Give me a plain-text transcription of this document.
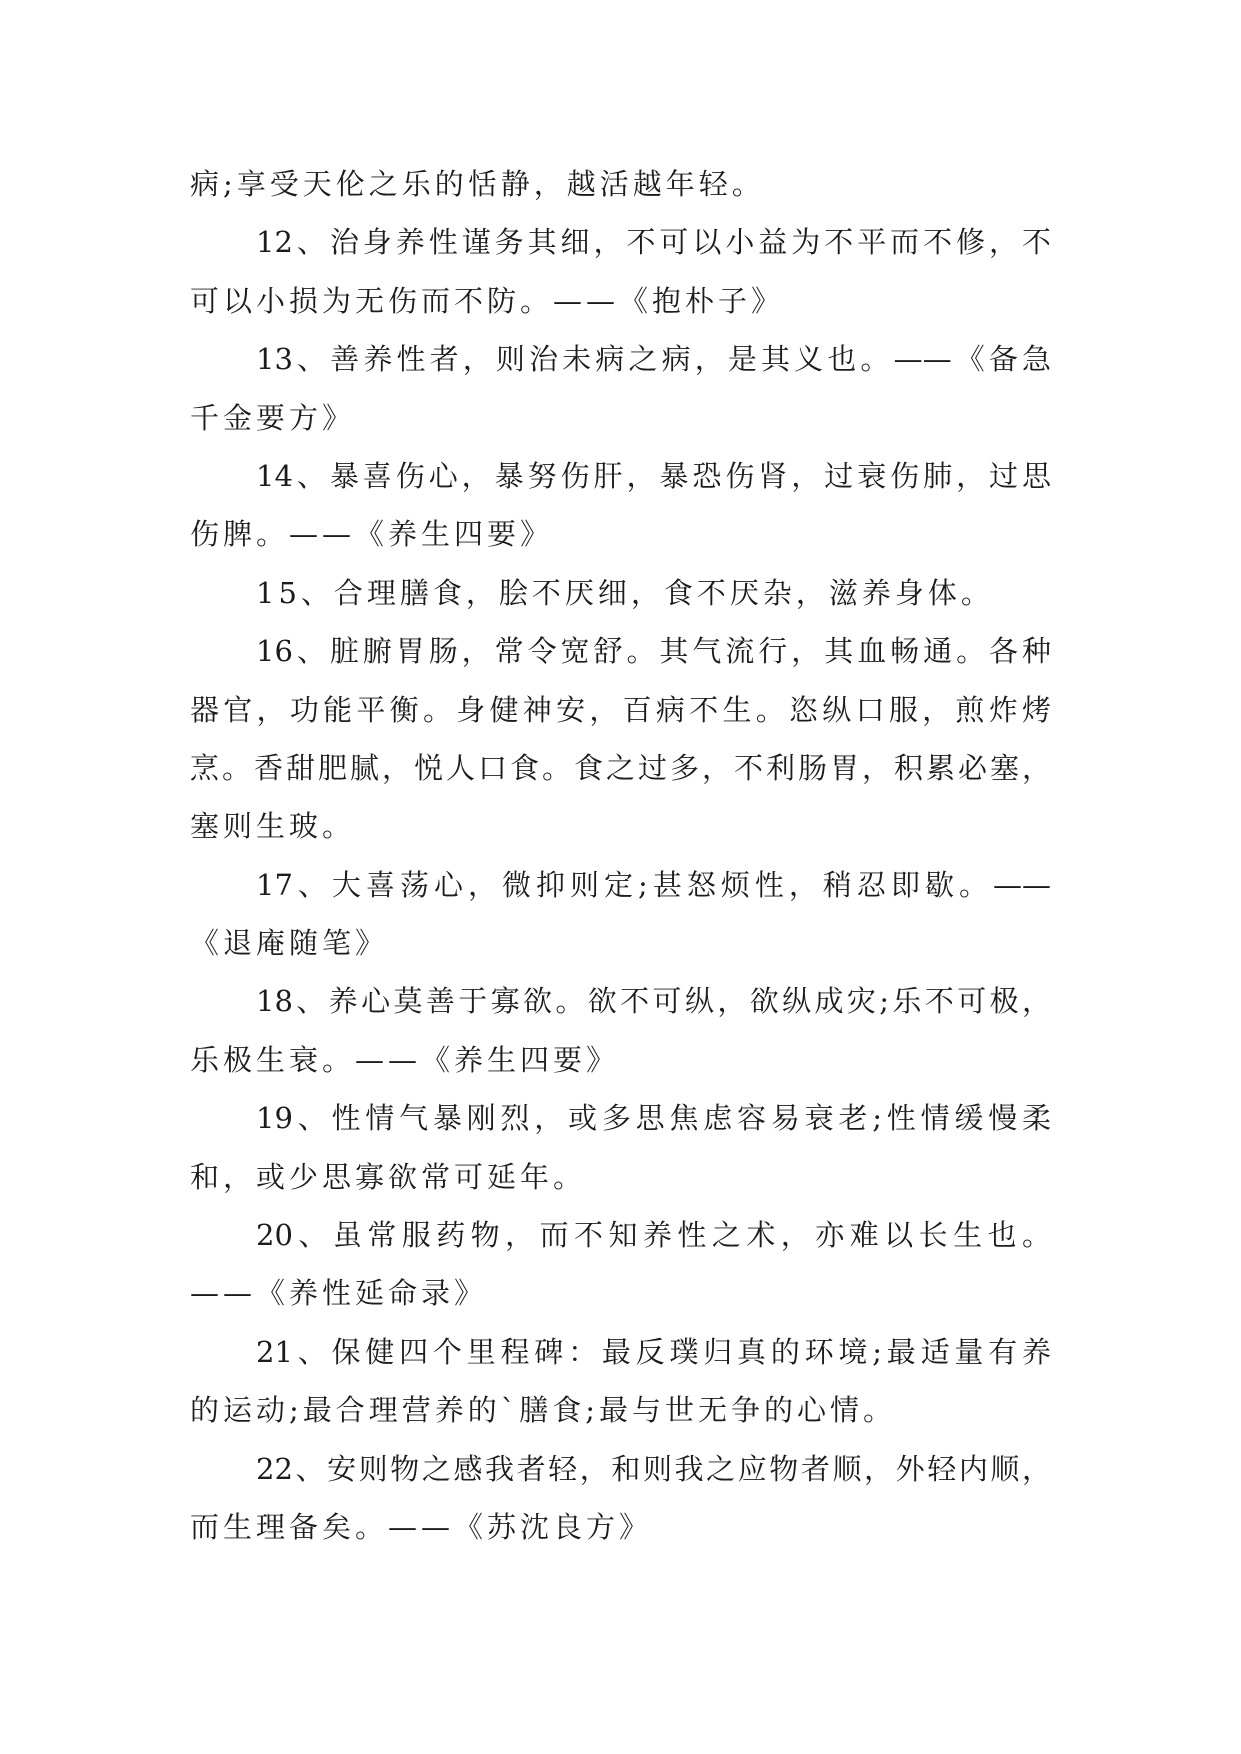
病;享受天伦之乐的恬静，越活越年轻。
12、治身养性谨务其细，不可以小益为不平而不修，不
可以小损为无伤而不防。——《抱朴子》
13、善养性者，则治未病之病，是其义也。——《备急
千金要方》
14、暴喜伤心，暴努伤肝，暴恐伤肾，过衰伤肺，过思
伤脾。——《养生四要》
15、合理膳食，脍不厌细，食不厌杂，滋养身体。
16、脏腑胃肠，常令宽舒。其气流行，其血畅通。各种
器官，功能平衡。身健神安，百病不生。恣纵口服，煎炸烤
烹。香甜肥腻，悦人口食。食之过多，不利肠胃，积累必塞，
塞则生玻。
17、大喜荡心，微抑则定;甚怒烦性，稍忍即歇。——
《退庵随笔》
18、养心莫善于寡欲。欲不可纵，欲纵成灾;乐不可极，
乐极生衰。——《养生四要》
19、性情气暴刚烈，或多思焦虑容易衰老;性情缓慢柔
和，或少思寡欲常可延年。
20、虽常服药物，而不知养性之术，亦难以长生也。
——《养性延命录》
21、保健四个里程碑：最反璞归真的环境;最适量有养
的运动;最合理营养的`膳食;最与世无争的心情。
22、安则物之感我者轻，和则我之应物者顺，外轻内顺，
而生理备矣。——《苏沈良方》
